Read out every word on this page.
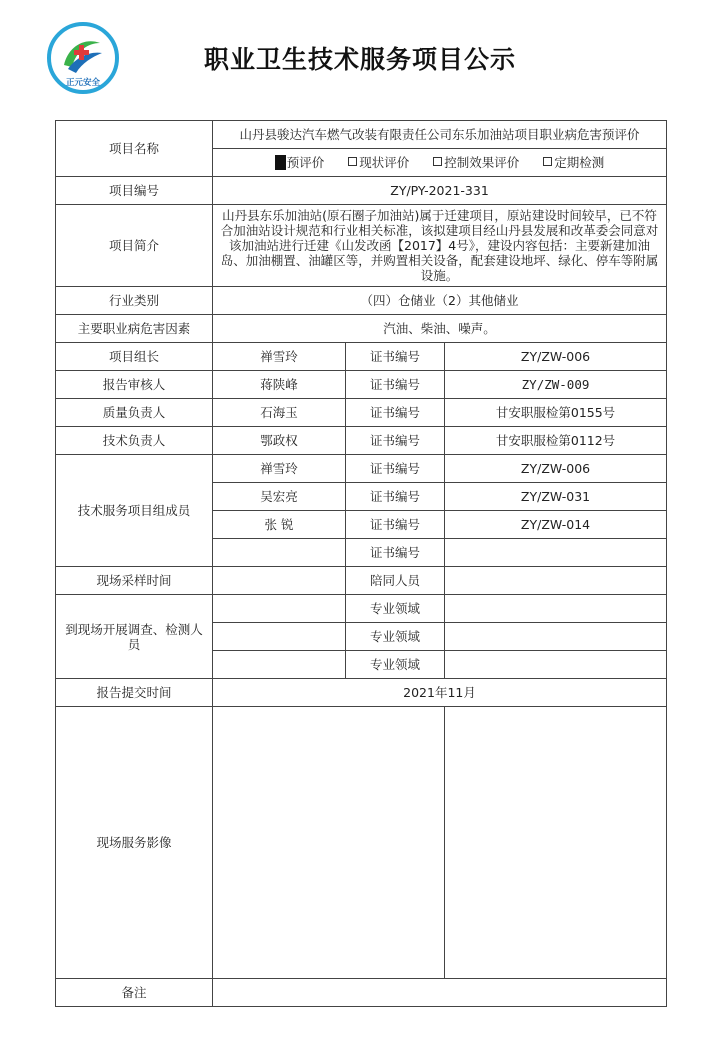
正元安全
职业卫生技术服务项目公示
项目名称	山丹县骏达汽车燃气改装有限责任公司东乐加油站项目职业病危害预评价		
	预评价 现状评价 控制效果评价 定期检测		
项目编号	ZY/PY-2021-331		
项目简介	山丹县东乐加油站(原石圈子加油站)属于迁建项目，原站建设时间较早，已不符合加油站设计规范和行业相关标准，该拟建项目经山丹县发展和改革委会同意对该加油站进行迁建《山发改函【2017】4号》，建设内容包括：主要新建加油岛、加油棚置、油罐区等，并购置相关设备，配套建设地坪、绿化、停车等附属设施。		
行业类别	（四）仓储业（2）其他储业		
主要职业病危害因素	汽油、柴油、噪声。		
项目组长	禅雪玲	证书编号	ZY/ZW-006
报告审核人	蒋陕峰	证书编号	ZY/ZW-009
质量负责人	石海玉	证书编号	甘安职服检第0155号
技术负责人	鄂政权	证书编号	甘安职服检第0112号
技术服务项目组成员	禅雪玲	证书编号	ZY/ZW-006
	吴宏亮	证书编号	ZY/ZW-031
	张 锐	证书编号	ZY/ZW-014
		证书编号	
现场采样时间		陪同人员	
到现场开展调查、检测人员		专业领域	
		专业领域	
		专业领域	
报告提交时间	2021年11月		
现场服务影像			
备注			
